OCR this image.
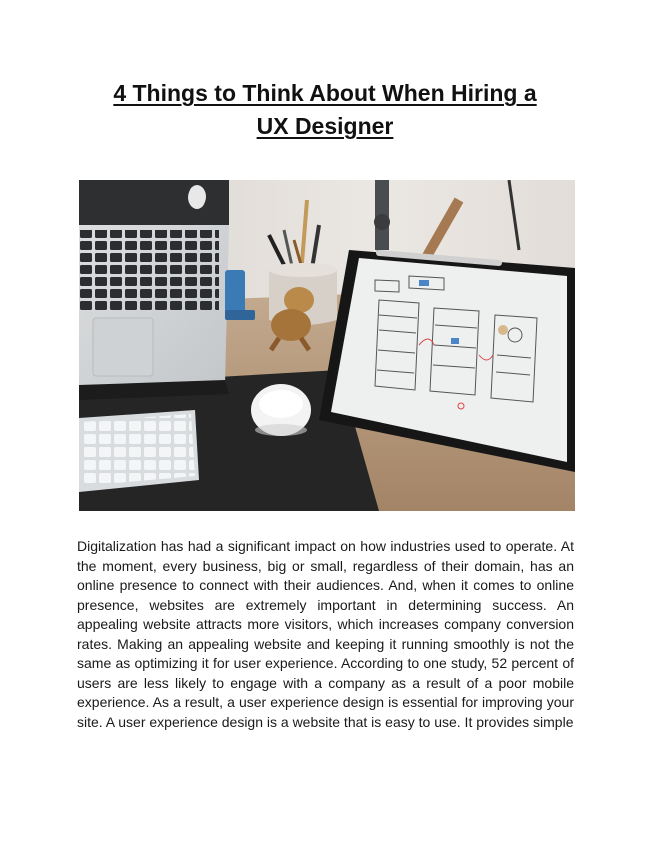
4 Things to Think About When Hiring a
UX Designer

Digitalization has had a significant impact on how industries used to operate. At the moment, every business, big or small, regardless of their domain, has an online presence to connect with their audiences. And, when it comes to online presence, websites are extremely important in determining success. An appealing website attracts more visitors, which increases company conversion rates. Making an appealing website and keeping it running smoothly is not the same as optimizing it for user experience. According to one study, 52 percent of users are less likely to engage with a company as a result of a poor mobile experience. As a result, a user experience design is essential for improving your site. A user experience design is a website that is easy to use. It provides simple
